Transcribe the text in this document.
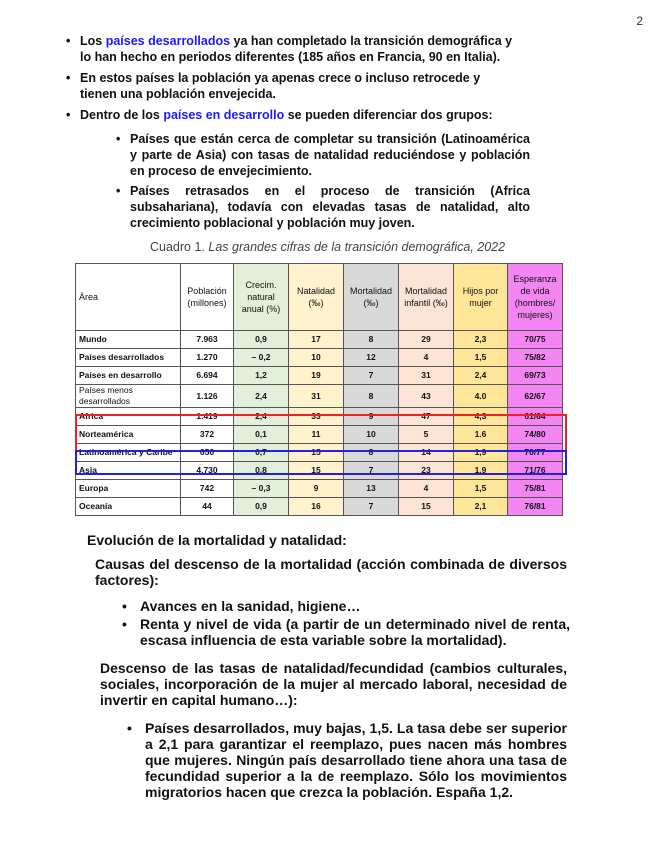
2
• Los países desarrollados ya han completado la transición demográfica y lo han hecho en periodos diferentes (185 años en Francia, 90 en Italia).
• En estos países la población ya apenas crece o incluso retrocede y tienen una población envejecida.
• Dentro de los países en desarrollo se pueden diferenciar dos grupos:
• Países que están cerca de completar su transición (Latinoamérica y parte de Asia) con tasas de natalidad reduciéndose y población en proceso de envejecimiento.
• Países retrasados en el proceso de transición (Africa subsahariana), todavía con elevadas tasas de natalidad, alto crecimiento poblacional y población muy joven.
Cuadro 1. Las grandes cifras de la transición demográfica, 2022
Área	Población (millones)	Crecim. natural anual (%)	Natalidad (‰)	Mortalidad (‰)	Mortalidad infantil (‰)	Hijos por mujer	Esperanza de vida (hombres/ mujeres)
Mundo	7.963	0,9	17	8	29	2,3	70/75
Países desarrollados	1.270	– 0,2	10	12	4	1,5	75/82
Países en desarrollo	6.694	1,2	19	7	31	2,4	69/73
Países menos desarrollados	1.126	2,4	31	8	43	4.0	62/67
Africa	1.419	2,4	33	9	47	4,3	61/64
Norteamérica	372	0,1	11	10	5	1.6	74/80
Latinoamérica y Caribe	656	0,7	15	8	14	1,9	70/77
Asia	4.730	0,8	15	7	23	1,9	71/76
Europa	742	– 0,3	9	13	4	1,5	75/81
Oceanía	44	0,9	16	7	15	2,1	76/81
Evolución de la mortalidad y natalidad:
Causas del descenso de la mortalidad (acción combinada de diversos factores):
• Avances en la sanidad, higiene…
• Renta y nivel de vida (a partir de un determinado nivel de renta, escasa influencia de esta variable sobre la mortalidad).
Descenso de las tasas de natalidad/fecundidad (cambios culturales, sociales, incorporación de la mujer al mercado laboral, necesidad de invertir en capital humano…):
• Países desarrollados, muy bajas, 1,5. La tasa debe ser superior a 2,1 para garantizar el reemplazo, pues nacen más hombres que mujeres. Ningún país desarrollado tiene ahora una tasa de fecundidad superior a la de reemplazo. Sólo los movimientos migratorios hacen que crezca la población. España 1,2.
